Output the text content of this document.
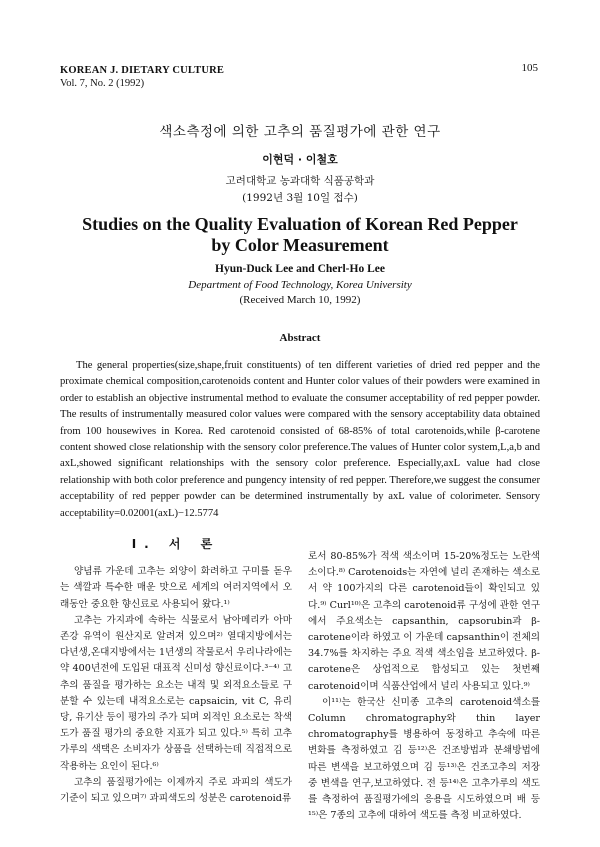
KOREAN J. DIETARY CULTURE
Vol. 7, No. 2 (1992)
105
색소측정에 의한 고추의 품질평가에 관한 연구
이현덕 · 이철호
고려대학교 농과대학 식품공학과
(1992년 3월 10일 접수)
Studies on the Quality Evaluation of Korean Red Pepper
by Color Measurement
Hyun-Duck Lee and Cherl-Ho Lee
Department of Food Technology, Korea University
(Received March 10, 1992)
Abstract
The general properties(size,shape,fruit constituents) of ten different varieties of dried red pepper and the proximate chemical composition,carotenoids content and Hunter color values of their powders were examined in order to establish an objective instrumental method to evaluate the consumer acceptability of red pepper powder. The results of instrumentally measured color values were compared with the sensory acceptability data obtained from 100 housewives in Korea. Red carotenoid consisted of 68-85% of total carotenoids,while β-carotene content showed close relationship with the sensory color preference.The values of Hunter color system,L,a,b and axL,showed significant relationships with the sensory color preference. Especially,axL value had close relationship with both color preference and pungency intensity of red pepper. Therefore,we suggest the consumer acceptability of red pepper powder can be determined instrumentally by axL value of colorimeter. Sensory acceptability=0.02001(axL)−12.5774
I. 서 론

양념류 가운데 고추는 외양이 화려하고 구미를 돋우는 색깔과 특수한 매운 맛으로 세계의 여러지역에서 오래동안 중요한 향신료로 사용되어 왔다.¹⁾

고추는 가지과에 속하는 식물로서 남아메리카 아마존강 유역이 원산지로 알려져 있으며²⁾ 열대지방에서는 다년생,온대지방에서는 1년생의 작물로서 우리나라에는 약 400년전에 도입된 대표적 신미성 향신료이다.³⁻⁴⁾ 고추의 품질을 평가하는 요소는 내적 및 외적요소들로 구분할 수 있는데 내적요소로는 capsaicin, vit C, 유리당, 유기산 등이 평가의 주가 되며 외적인 요소로는 착색도가 품질 평가의 중요한 지표가 되고 있다.⁵⁾ 특히 고추가루의 색택은 소비자가 상품을 선택하는데 직접적으로 작용하는 요인이 된다.⁶⁾

고추의 품질평가에는 이제까지 주로 과피의 색도가 기준이 되고 있으며⁷⁾ 과피색도의 성분은 carotenoid류

로서 80-85%가 적색 색소이며 15-20%정도는 노란색소이다.⁸⁾ Carotenoids는 자연에 널리 존재하는 색소로서 약 100가지의 다른 carotenoid들이 확인되고 있다.⁹⁾ Curl¹⁰⁾은 고추의 carotenoid류 구성에 관한 연구에서 주요색소는 capsanthin, capsorubin과 β-carotene이라 하였고 이 가운데 capsanthin이 전체의 34.7%를 차지하는 주요 적색 색소임을 보고하였다. β-carotene은 상업적으로 합성되고 있는 첫번째 carotenoid이며 식품산업에서 널리 사용되고 있다.⁹⁾

이¹¹⁾는 한국산 신미종 고추의 carotenoid색소를 Column chromatography와 thin layer chromatography를 병용하여 동정하고 추숙에 따른 변화를 측정하였고 김 등¹²⁾은 건조방법과 분쇄방법에 따른 변색을 보고하였으며 김 등¹³⁾은 건조고추의 저장중 변색을 연구,보고하였다. 전 등¹⁴⁾은 고추가루의 색도를 측정하여 품질평가에의 응용을 시도하였으며 배 등¹⁵⁾은 7종의 고추에 대하여 색도를 측정 비교하였다.
